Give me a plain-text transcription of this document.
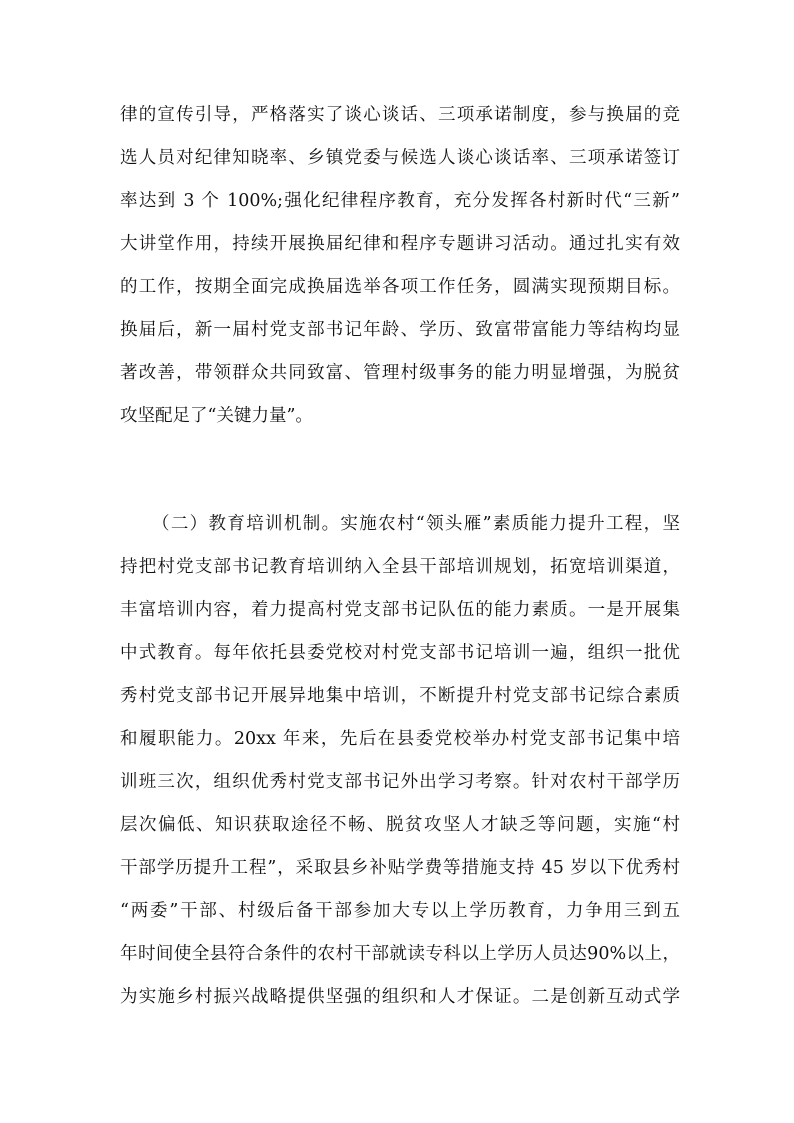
律的宣传引导，严格落实了谈心谈话、三项承诺制度，参与换届的竞
选人员对纪律知晓率、乡镇党委与候选人谈心谈话率、三项承诺签订
率达到 3 个 100%;强化纪律程序教育，充分发挥各村新时代“三新”
大讲堂作用，持续开展换届纪律和程序专题讲习活动。通过扎实有效
的工作，按期全面完成换届选举各项工作任务，圆满实现预期目标。
换届后，新一届村党支部书记年龄、学历、致富带富能力等结构均显
著改善，带领群众共同致富、管理村级事务的能力明显增强，为脱贫
攻坚配足了“关键力量”。
（二）教育培训机制。实施农村“领头雁”素质能力提升工程，坚
持把村党支部书记教育培训纳入全县干部培训规划，拓宽培训渠道，
丰富培训内容，着力提高村党支部书记队伍的能力素质。一是开展集
中式教育。每年依托县委党校对村党支部书记培训一遍，组织一批优
秀村党支部书记开展异地集中培训，不断提升村党支部书记综合素质
和履职能力。20xx 年来，先后在县委党校举办村党支部书记集中培
训班三次，组织优秀村党支部书记外出学习考察。针对农村干部学历
层次偏低、知识获取途径不畅、脱贫攻坚人才缺乏等问题，实施“村
干部学历提升工程”，采取县乡补贴学费等措施支持 45 岁以下优秀村
“两委”干部、村级后备干部参加大专以上学历教育，力争用三到五
年时间使全县符合条件的农村干部就读专科以上学历人员达90%以上，
为实施乡村振兴战略提供坚强的组织和人才保证。二是创新互动式学
